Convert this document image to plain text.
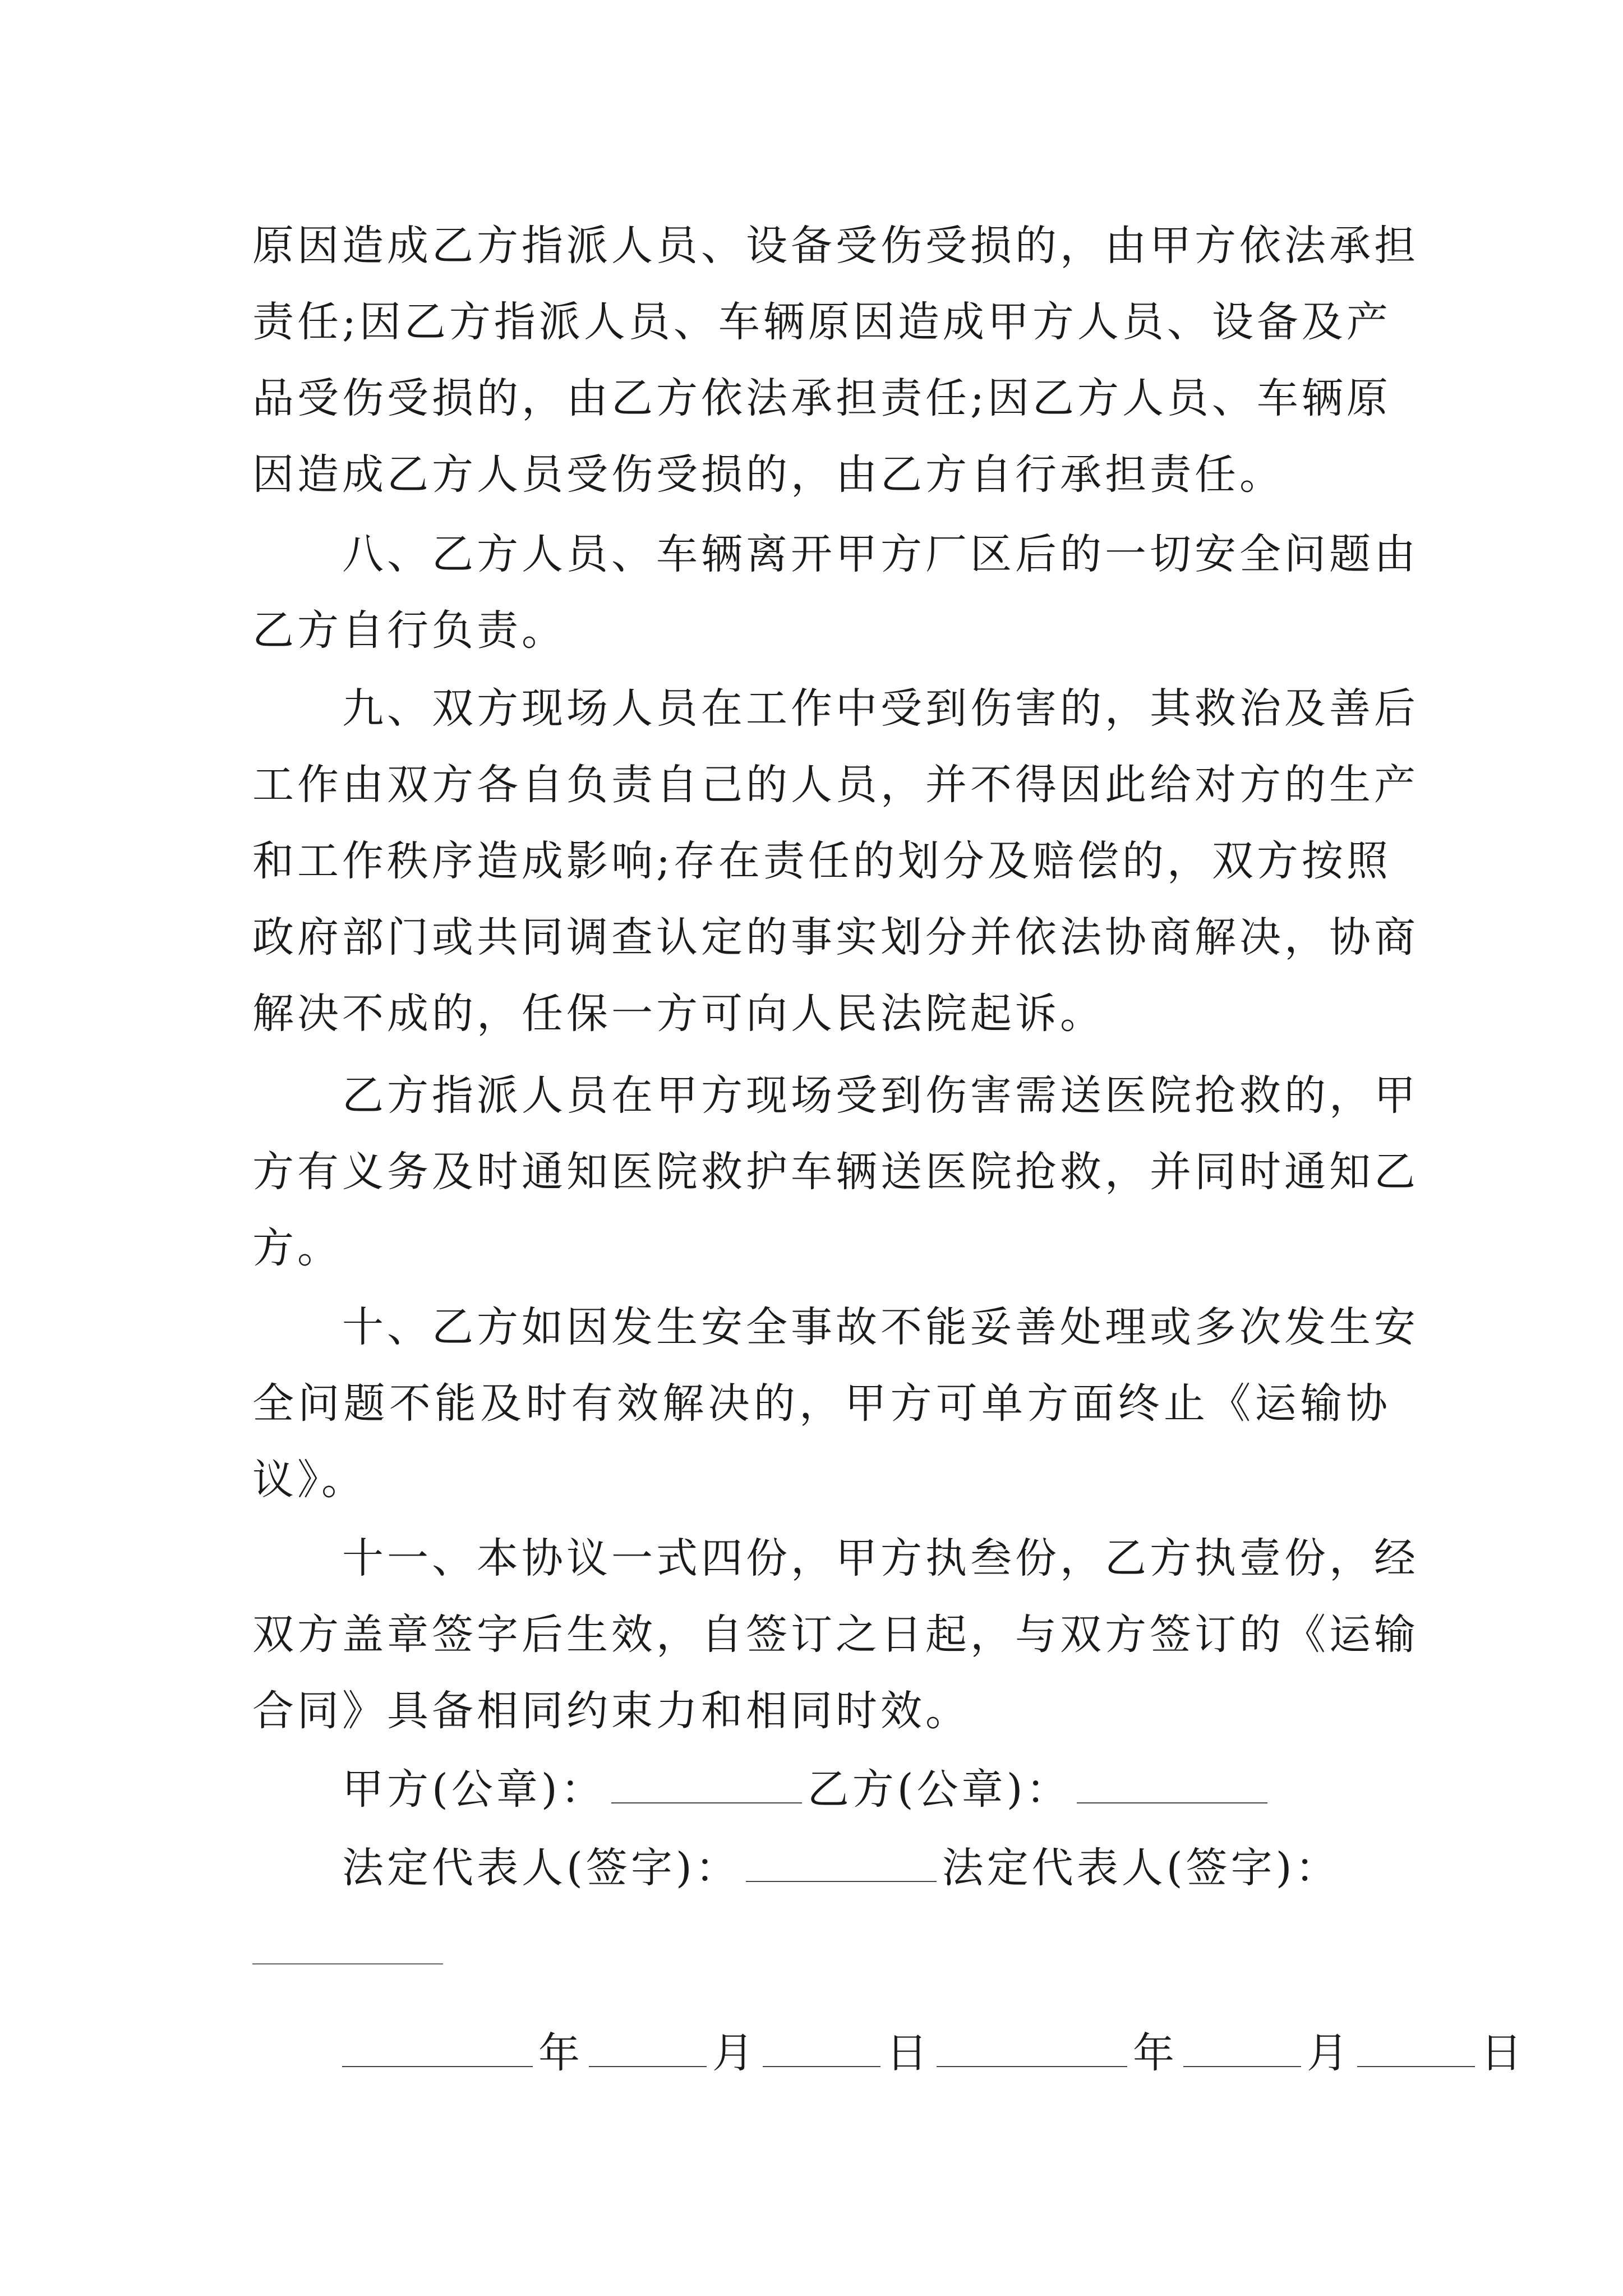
原因造成乙方指派人员、设备受伤受损的，由甲方依法承担
责任;因乙方指派人员、车辆原因造成甲方人员、设备及产
品受伤受损的，由乙方依法承担责任;因乙方人员、车辆原
因造成乙方人员受伤受损的，由乙方自行承担责任。
八、乙方人员、车辆离开甲方厂区后的一切安全问题由
乙方自行负责。
九、双方现场人员在工作中受到伤害的，其救治及善后
工作由双方各自负责自己的人员，并不得因此给对方的生产
和工作秩序造成影响;存在责任的划分及赔偿的，双方按照
政府部门或共同调查认定的事实划分并依法协商解决，协商
解决不成的，任保一方可向人民法院起诉。
乙方指派人员在甲方现场受到伤害需送医院抢救的，甲
方有义务及时通知医院救护车辆送医院抢救，并同时通知乙
方。
十、乙方如因发生安全事故不能妥善处理或多次发生安
全问题不能及时有效解决的，甲方可单方面终止《运输协
议》。
十一、本协议一式四份，甲方执叁份，乙方执壹份，经
双方盖章签字后生效，自签订之日起，与双方签订的《运输
合同》具备相同约束力和相同时效。
甲方(公章)：	乙方(公章)：
法定代表人(签字)：	法定代表人(签字)：
年	月	日	年	月	日
